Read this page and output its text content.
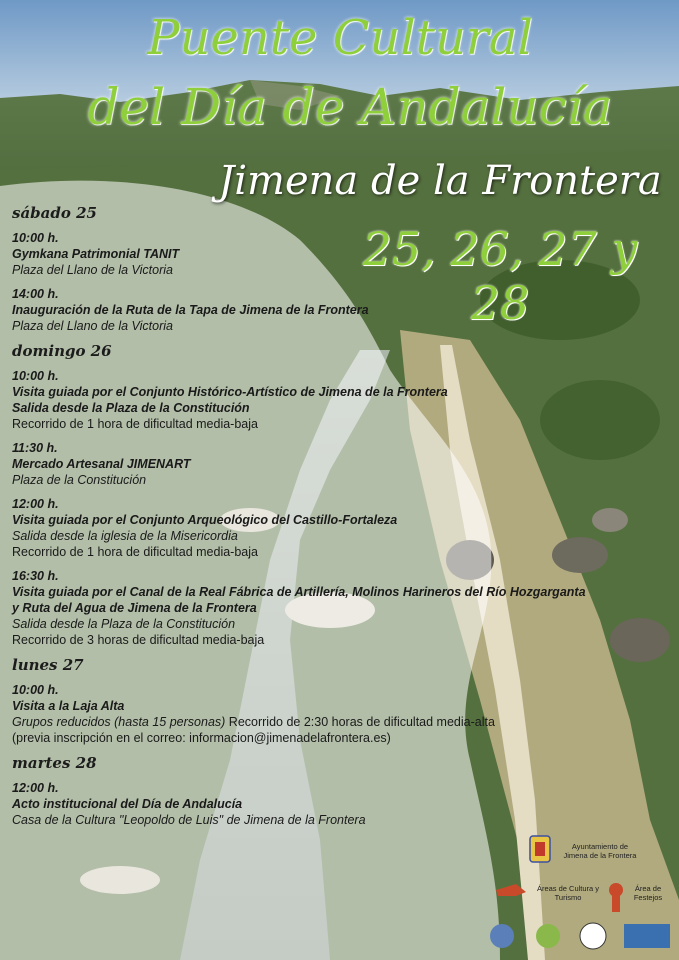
Puente Cultural
del Día de Andalucía
Jimena de la Frontera
25, 26, 27 y 28
sábado 25
10:00 h.
Gymkana Patrimonial TANIT
Plaza del Llano de la Victoria
14:00 h.
Inauguración de la Ruta de la Tapa de Jimena de la Frontera
Plaza del Llano de la Victoria
domingo 26
10:00 h.
Visita guiada por el Conjunto Histórico-Artístico de Jimena de la Frontera
Salida desde la Plaza de la Constitución
Recorrido de 1 hora de dificultad media-baja
11:30 h.
Mercado Artesanal JIMENART
Plaza de la Constitución
12:00 h.
Visita guiada por el Conjunto Arqueológico del Castillo-Fortaleza
Salida desde la iglesia de la Misericordia
Recorrido de 1 hora de dificultad media-baja
16:30 h.
Visita guiada por el Canal de la Real Fábrica de Artillería, Molinos Harineros del Río Hozgarganta
y Ruta del Agua de Jimena de la Frontera
Salida desde la Plaza de la Constitución
Recorrido de 3 horas de dificultad media-baja
lunes 27
10:00 h.
Visita a la Laja Alta
Grupos reducidos (hasta 15 personas) Recorrido de 2:30 horas de dificultad media-alta
(previa inscripción en el correo: informacion@jimenadelafrontera.es)
martes 28
12:00 h.
Acto institucional del Día de Andalucía
Casa de la Cultura "Leopoldo de Luis" de Jimena de la Frontera
Ayuntamiento de Jimena de la Frontera
Áreas de Cultura y Turismo
Área de Festejos
